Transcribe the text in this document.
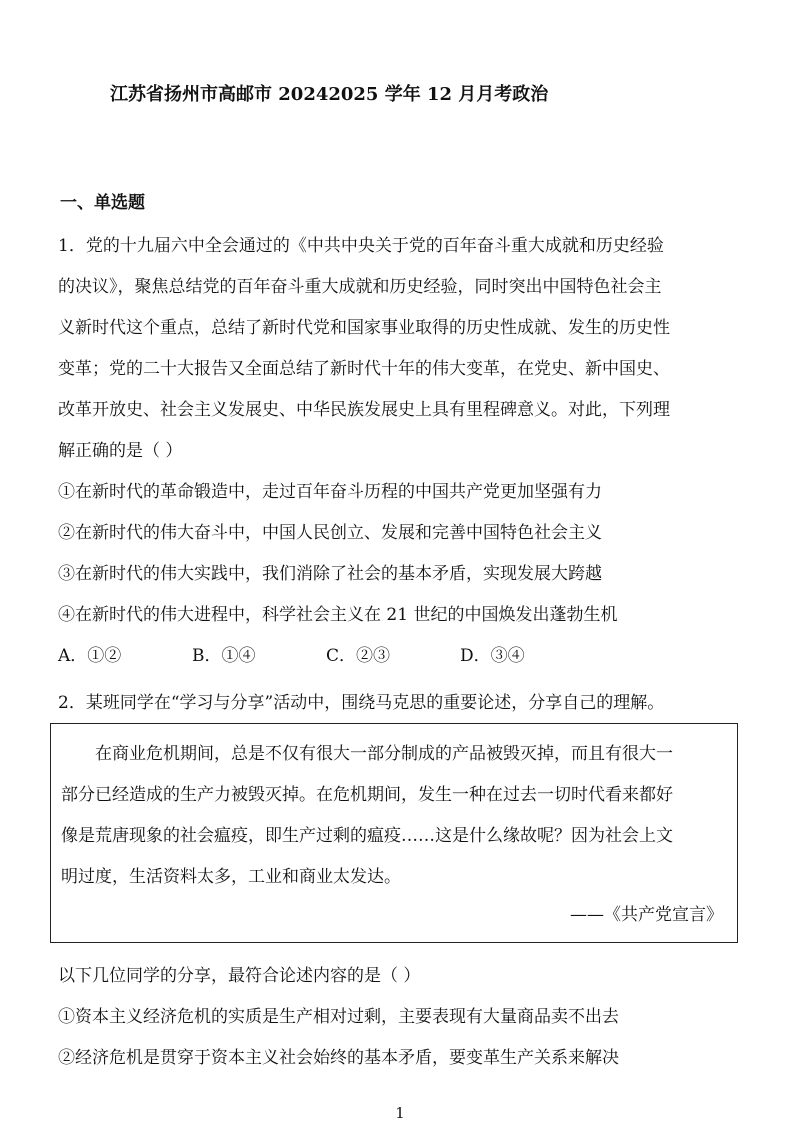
江苏省扬州市高邮市 20242025 学年 12 月月考政治
一、单选题

1．党的十九届六中全会通过的《中共中央关于党的百年奋斗重大成就和历史经验

的决议》，聚焦总结党的百年奋斗重大成就和历史经验，同时突出中国特色社会主

义新时代这个重点，总结了新时代党和国家事业取得的历史性成就、发生的历史性

变革；党的二十大报告又全面总结了新时代十年的伟大变革，在党史、新中国史、

改革开放史、社会主义发展史、中华民族发展史上具有里程碑意义。对此，下列理

解正确的是（ ）

①在新时代的革命锻造中，走过百年奋斗历程的中国共产党更加坚强有力

②在新时代的伟大奋斗中，中国人民创立、发展和完善中国特色社会主义

③在新时代的伟大实践中，我们消除了社会的基本矛盾，实现发展大跨越

④在新时代的伟大进程中，科学社会主义在 21 世纪的中国焕发出蓬勃生机

A．①②	B．①④	C．②③	D．③④

2．某班同学在“学习与分享”活动中，围绕马克思的重要论述，分享自己的理解。

　　在商业危机期间，总是不仅有很大一部分制成的产品被毁灭掉，而且有很大一

部分已经造成的生产力被毁灭掉。在危机期间，发生一种在过去一切时代看来都好

像是荒唐现象的社会瘟疫，即生产过剩的瘟疫……这是什么缘故呢？因为社会上文

明过度，生活资料太多，工业和商业太发达。

——《共产党宣言》

以下几位同学的分享，最符合论述内容的是（ ）

①资本主义经济危机的实质是生产相对过剩，主要表现有大量商品卖不出去

②经济危机是贯穿于资本主义社会始终的基本矛盾，要变革生产关系来解决

1
